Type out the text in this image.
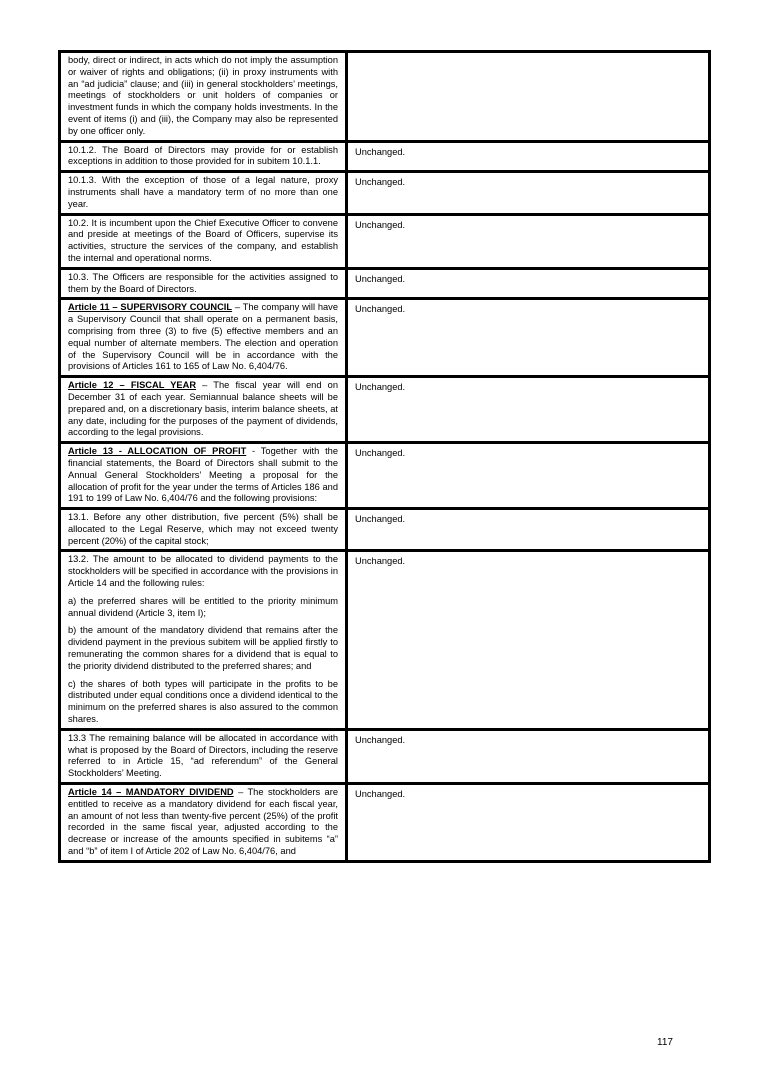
body, direct or indirect, in acts which do not imply the assumption or waiver of rights and obligations; (ii) in proxy instruments with an “ad judicia” clause; and (iii) in general stockholders’ meetings, meetings of stockholders or unit holders of companies or investment funds in which the company holds investments. In the event of items (i) and (iii), the Company may also be represented by one officer only.

10.1.2. The Board of Directors may provide for or establish exceptions in addition to those provided for in subitem 10.1.1.

Unchanged.

10.1.3. With the exception of those of a legal nature, proxy instruments shall have a mandatory term of no more than one year.

Unchanged.

10.2. It is incumbent upon the Chief Executive Officer to convene and preside at meetings of the Board of Officers, supervise its activities, structure the services of the company, and establish the internal and operational norms.

Unchanged.

10.3. The Officers are responsible for the activities assigned to them by the Board of Directors.

Unchanged.

Article 11 – SUPERVISORY COUNCIL – The company will have a Supervisory Council that shall operate on a permanent basis, comprising from three (3) to five (5) effective members and an equal number of alternate members. The election and operation of the Supervisory Council will be in accordance with the provisions of Articles 161 to 165 of Law No. 6,404/76.

Unchanged.

Article 12 – FISCAL YEAR – The fiscal year will end on December 31 of each year. Semiannual balance sheets will be prepared and, on a discretionary basis, interim balance sheets, at any date, including for the purposes of the payment of dividends, according to the legal provisions.

Unchanged.

Article 13 - ALLOCATION OF PROFIT - Together with the financial statements, the Board of Directors shall submit to the Annual General Stockholders’ Meeting a proposal for the allocation of profit for the year under the terms of Articles 186 and 191 to 199 of Law No. 6,404/76 and the following provisions:

Unchanged.

13.1. Before any other distribution, five percent (5%) shall be allocated to the Legal Reserve, which may not exceed twenty percent (20%) of the capital stock;

Unchanged.

13.2. The amount to be allocated to dividend payments to the stockholders will be specified in accordance with the provisions in Article 14 and the following rules:

a) the preferred shares will be entitled to the priority minimum annual dividend (Article 3, item I);

b) the amount of the mandatory dividend that remains after the dividend payment in the previous subitem will be applied firstly to remunerating the common shares for a dividend that is equal to the priority dividend distributed to the preferred shares; and

c) the shares of both types will participate in the profits to be distributed under equal conditions once a dividend identical to the minimum on the preferred shares is also assured to the common shares.

Unchanged.

13.3 The remaining balance will be allocated in accordance with what is proposed by the Board of Directors, including the reserve referred to in Article 15, “ad referendum” of the General Stockholders’ Meeting.

Unchanged.

Article 14 – MANDATORY DIVIDEND – The stockholders are entitled to receive as a mandatory dividend for each fiscal year, an amount of not less than twenty-five percent (25%) of the profit recorded in the same fiscal year, adjusted according to the decrease or increase of the amounts specified in subitems “a” and “b” of item I of Article 202 of Law No. 6,404/76, and

Unchanged.
117
